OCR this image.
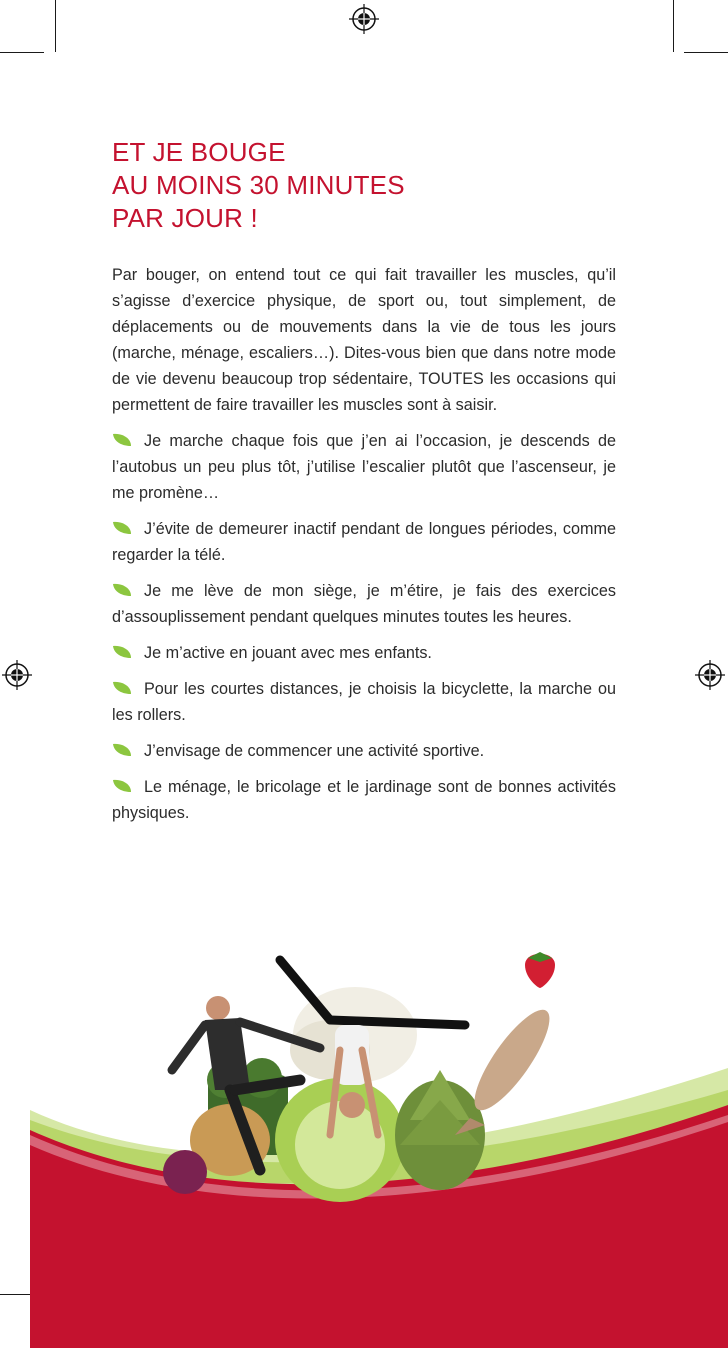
ET JE BOUGE
AU MOINS 30 MINUTES
PAR JOUR !

Par bouger, on entend tout ce qui fait travailler les muscles, qu’il s’agisse d’exercice physique, de sport ou, tout simplement, de déplacements ou de mouvements dans la vie de tous les jours (marche, ménage, escaliers…). Dites-vous bien que dans notre mode de vie devenu beaucoup trop sédentaire, TOUTES les occasions qui permettent de faire travailler les muscles sont à saisir.

Je marche chaque fois que j’en ai l’occasion, je descends de l’autobus un peu plus tôt, j’utilise l’escalier plutôt que l’ascenseur, je me promène…

J’évite de demeurer inactif pendant de longues périodes, comme regarder la télé.

Je me lève de mon siège, je m’étire, je fais des exercices d’assouplissement pendant quelques minutes toutes les heures.

Je m’active en jouant avec mes enfants.

Pour les courtes distances, je choisis la bicyclette, la marche ou les rollers.

J’envisage de commencer une activité sportive.

Le ménage, le bricolage et le jardinage sont de bonnes activités physiques.
